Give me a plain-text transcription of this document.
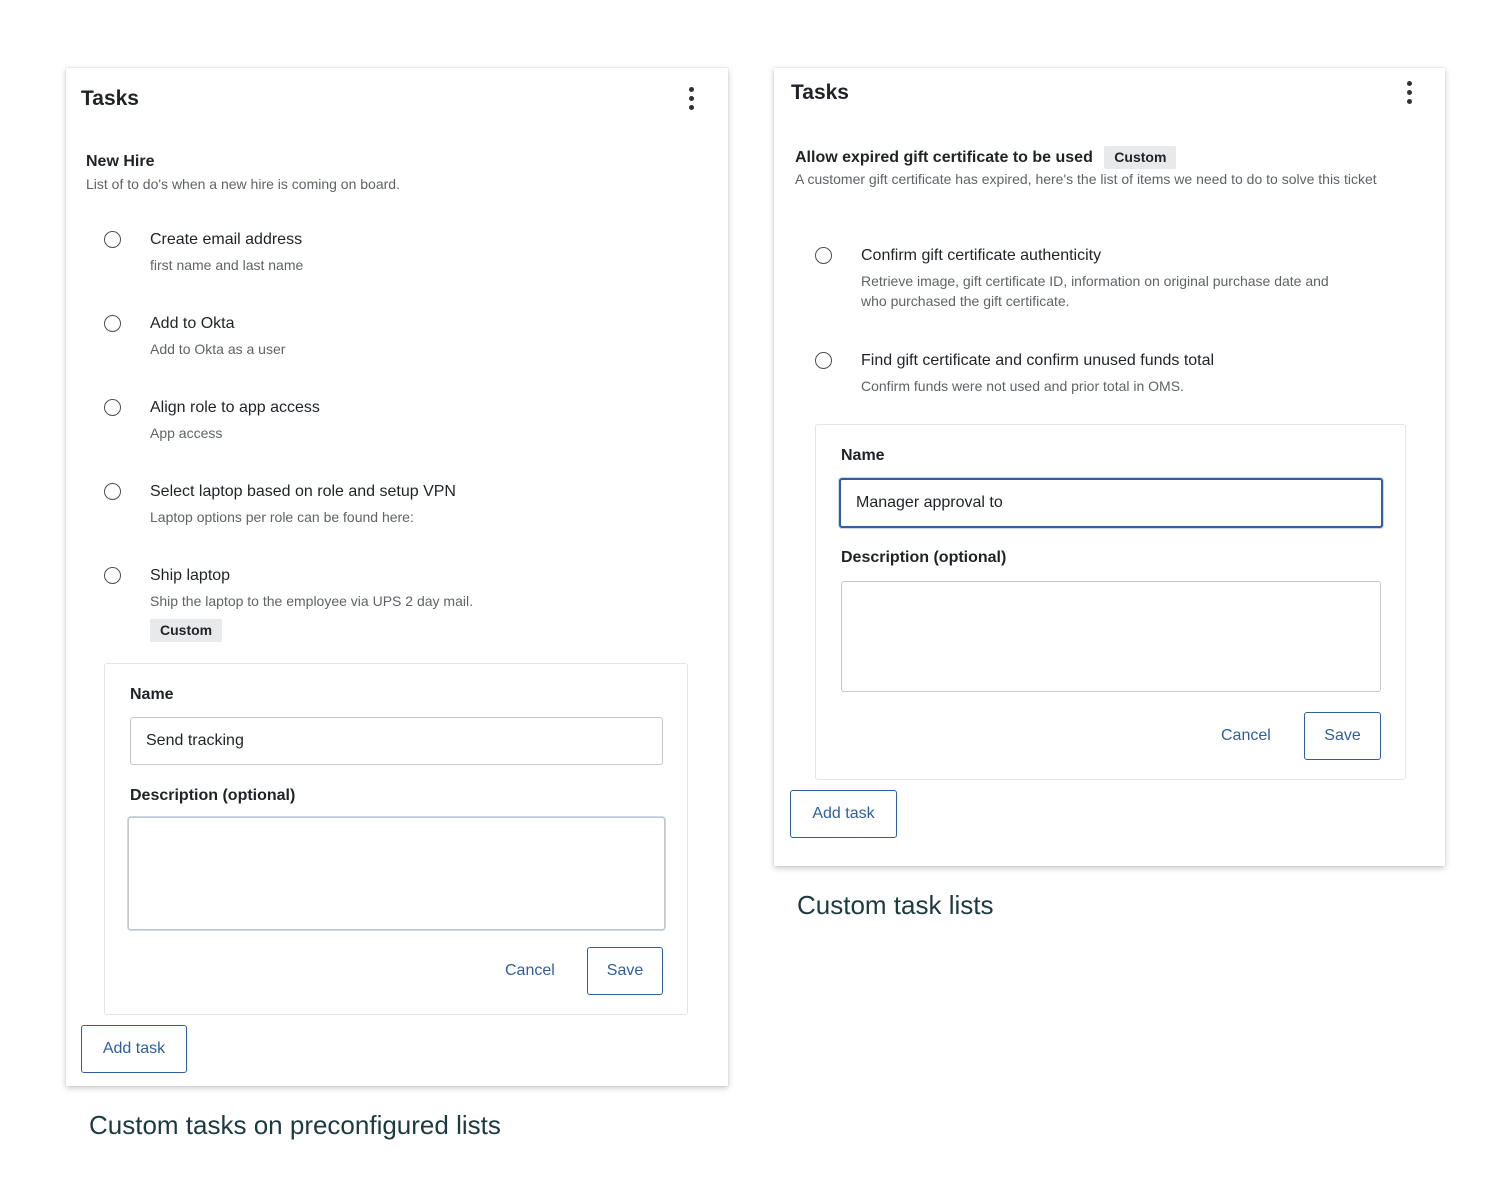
Tasks
New Hire
List of to do's when a new hire is coming on board.
Create email address
first name and last name
Add to Okta
Add to Okta as a user
Align role to app access
App access
Select laptop based on role and setup VPN
Laptop options per role can be found here:
Ship laptop
Ship the laptop to the employee via UPS 2 day mail.
Custom
Name
Send tracking
Description (optional)
Cancel	Save
Add task
Tasks
Allow expired gift certificate to be used Custom
A customer gift certificate has expired, here's the list of items we need to do to solve this ticket
Confirm gift certificate authenticity
Retrieve image, gift certificate ID, information on original purchase date and who purchased the gift certificate.
Find gift certificate and confirm unused funds total
Confirm funds were not used and prior total in OMS.
Name
Manager approval to
Description (optional)
Cancel	Save
Add task
Custom tasks on preconfigured lists
Custom task lists
